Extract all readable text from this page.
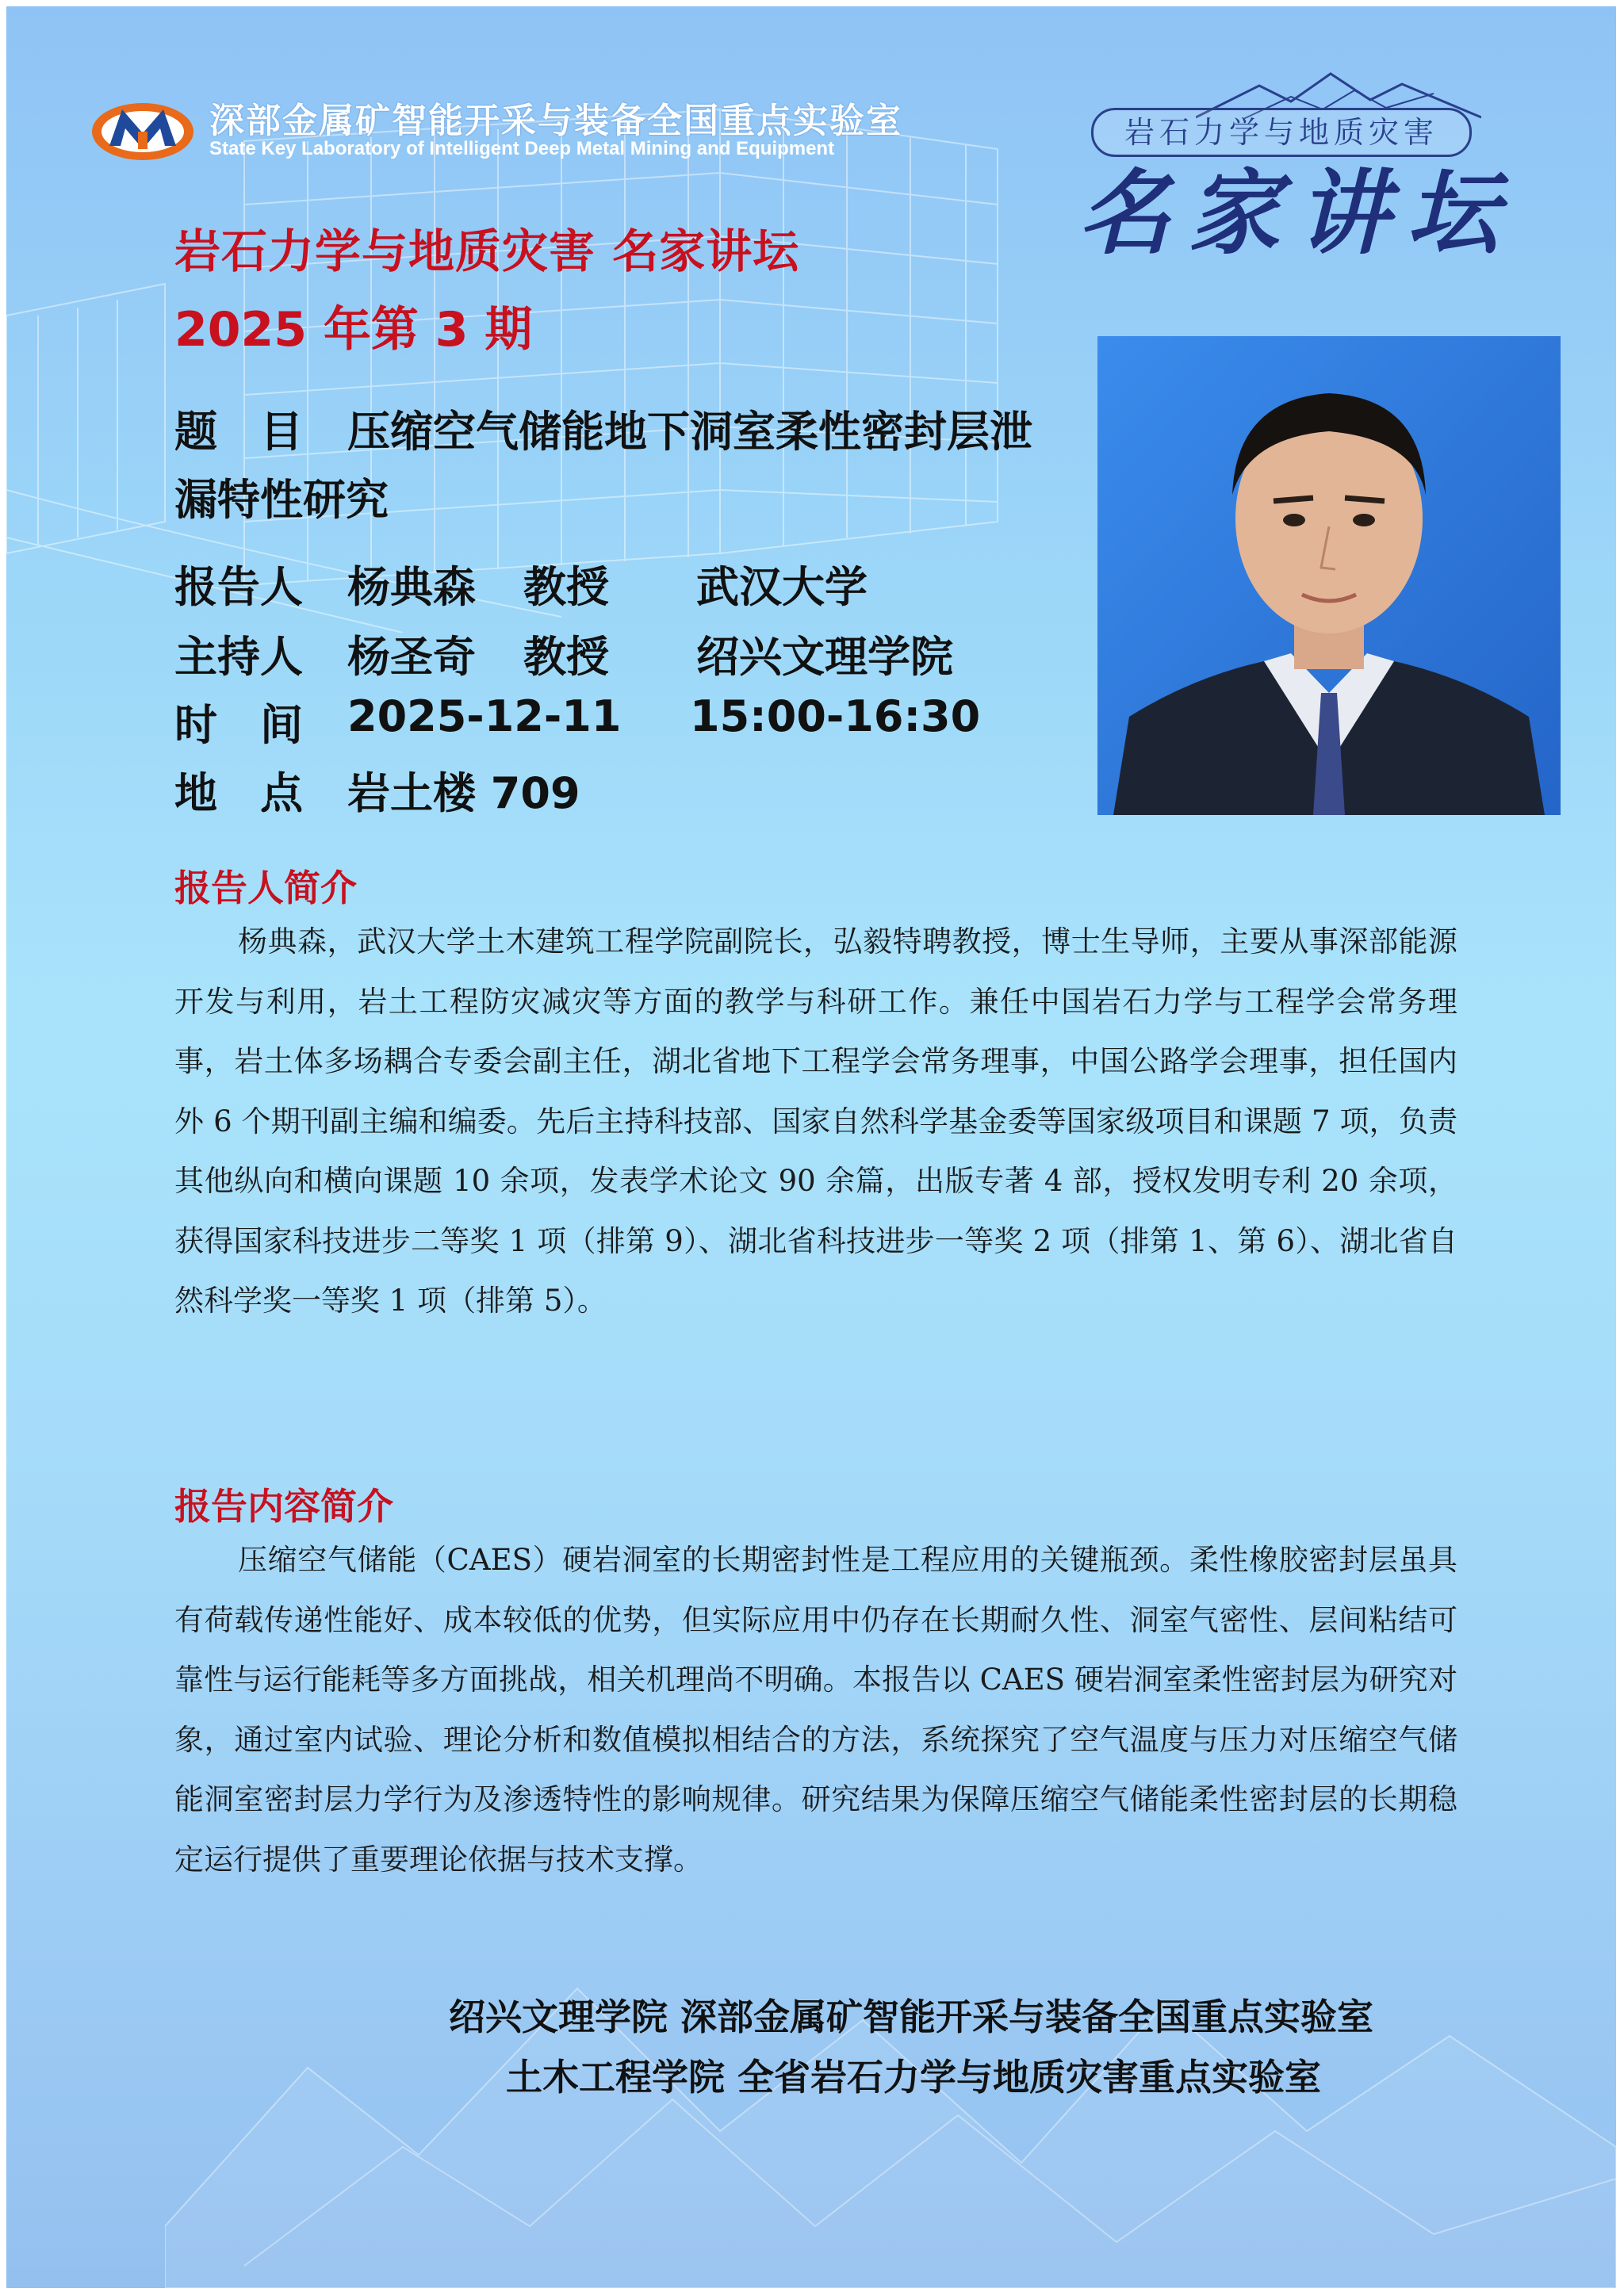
深部金属矿智能开采与装备全国重点实验室
State Key Laboratory of Intelligent Deep Metal Mining and Equipment	岩石力学与地质灾害
名家讲坛
岩石力学与地质灾害 名家讲坛
2025 年第 3 期
题　目 压缩空气储能地下洞室柔性密封层泄
漏特性研究
报告人 杨典森 教授 武汉大学
主持人 杨圣奇 教授 绍兴文理学院
时　间 2025-12-11 15:00-16:30
地　点 岩土楼 709
报告人简介
杨典森，武汉大学土木建筑工程学院副院长，弘毅特聘教授，博士生导师，主要从事深部能源开发与利用，岩土工程防灾减灾等方面的教学与科研工作。兼任中国岩石力学与工程学会常务理事，岩土体多场耦合专委会副主任，湖北省地下工程学会常务理事，中国公路学会理事，担任国内外 6 个期刊副主编和编委。先后主持科技部、国家自然科学基金委等国家级项目和课题 7 项，负责其他纵向和横向课题 10 余项，发表学术论文 90 余篇，出版专著 4 部，授权发明专利 20 余项，获得国家科技进步二等奖 1 项（排第 9）、湖北省科技进步一等奖 2 项（排第 1、第 6）、湖北省自然科学奖一等奖 1 项（排第 5）。
报告内容简介
压缩空气储能（CAES）硬岩洞室的长期密封性是工程应用的关键瓶颈。柔性橡胶密封层虽具有荷载传递性能好、成本较低的优势，但实际应用中仍存在长期耐久性、洞室气密性、层间粘结可靠性与运行能耗等多方面挑战，相关机理尚不明确。本报告以 CAES 硬岩洞室柔性密封层为研究对象，通过室内试验、理论分析和数值模拟相结合的方法，系统探究了空气温度与压力对压缩空气储能洞室密封层力学行为及渗透特性的影响规律。研究结果为保障压缩空气储能柔性密封层的长期稳定运行提供了重要理论依据与技术支撑。
绍兴文理学院 深部金属矿智能开采与装备全国重点实验室
土木工程学院 全省岩石力学与地质灾害重点实验室
